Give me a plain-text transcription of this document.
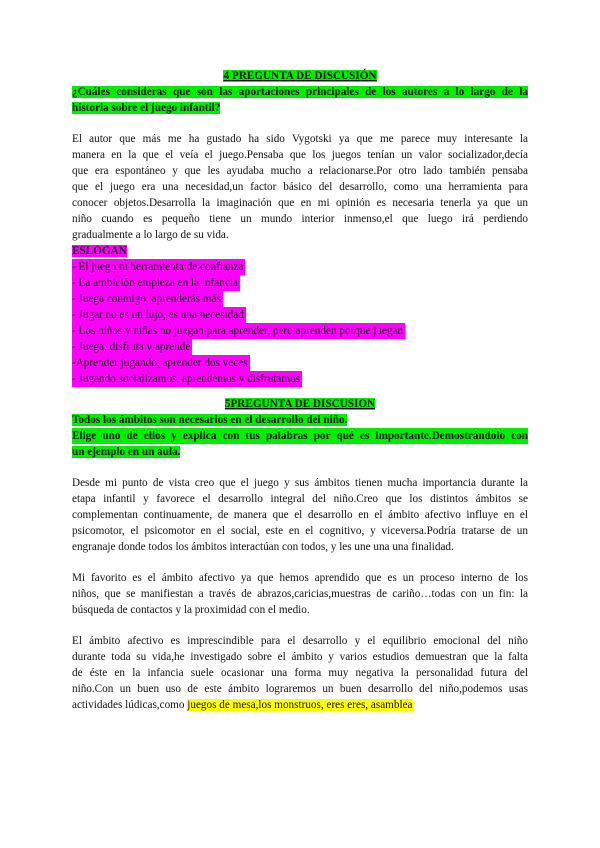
4 PREGUNTA DE DISCUSIÓN
¿Cuáles consideras que son las aportaciones principales de los autores a lo largo de la
historia sobre el juego infantil?
El autor que más me ha gustado ha sido Vygotski ya que me parece muy interesante la
manera en la que el veía el juego.Pensaba que los juegos tenían un valor socializador,decía
que era espontáneo y que les ayudaba mucho a relacionarse.Por otro lado también pensaba
que el juego era una necesidad,un factor básico del desarrollo, como una herramienta para
conocer objetos.Desarrolla la imaginación que en mi opinión es necesaria tenerla ya que un
niño cuando es pequeño tiene un mundo interior inmenso,el que luego irá perdiendo
gradualmente a lo largo de su vida.
ESLOGAN
- El juego tu herramienta de confianza
- La ambición empieza en la infancia
- Juega conmigo, aprenderás más
- Jugar no es un lujo, es una necesidad
- Los niños y niñas no juegan para aprender, pero aprenden porque juegan
- Juega, disfruta y aprende
-Aprender jugando, aprender dos veces
- Jugando socializamos, aprendemos y disfrutamos
5PREGUNTA DE DISCUSION
Todos los ámbitos son necesarios en el desarrollo del niño.
Elige uno de ellos y explica con tus palabras por qué es importante.Demostrándolo con
un ejemplo en un aula.
Desde mi punto de vista creo que el juego y sus ámbitos tienen mucha importancia durante la
etapa infantil y favorece el desarrollo integral del niño.Creo que los distintos ámbitos se
complementan continuamente, de manera que el desarrollo en el ámbito afectivo influye en el
psicomotor, el psicomotor en el social, este en el cognitivo, y viceversa.Podría tratarse de un
engranaje donde todos los ámbitos interactúan con todos, y les une una una finalidad.
Mi favorito es el ámbito afectivo ya que hemos aprendido que es un proceso interno de los
niños, que se manifiestan a través de abrazos,caricias,muestras de cariño…todas con un fin: la
búsqueda de contactos y la proximidad con el medio.
El ámbito afectivo es imprescindible para el desarrollo y el equilibrio emocional del niño
durante toda su vida,he investigado sobre el ámbito y varios estudios demuestran que la falta
de éste en la infancia suele ocasionar una forma muy negativa la personalidad futura del
niño.Con un buen uso de este ámbito lograremos un buen desarrollo del niño,podemos usas
actividades lúdicas,como juegos de mesa,los monstruos, eres eres, asamblea
